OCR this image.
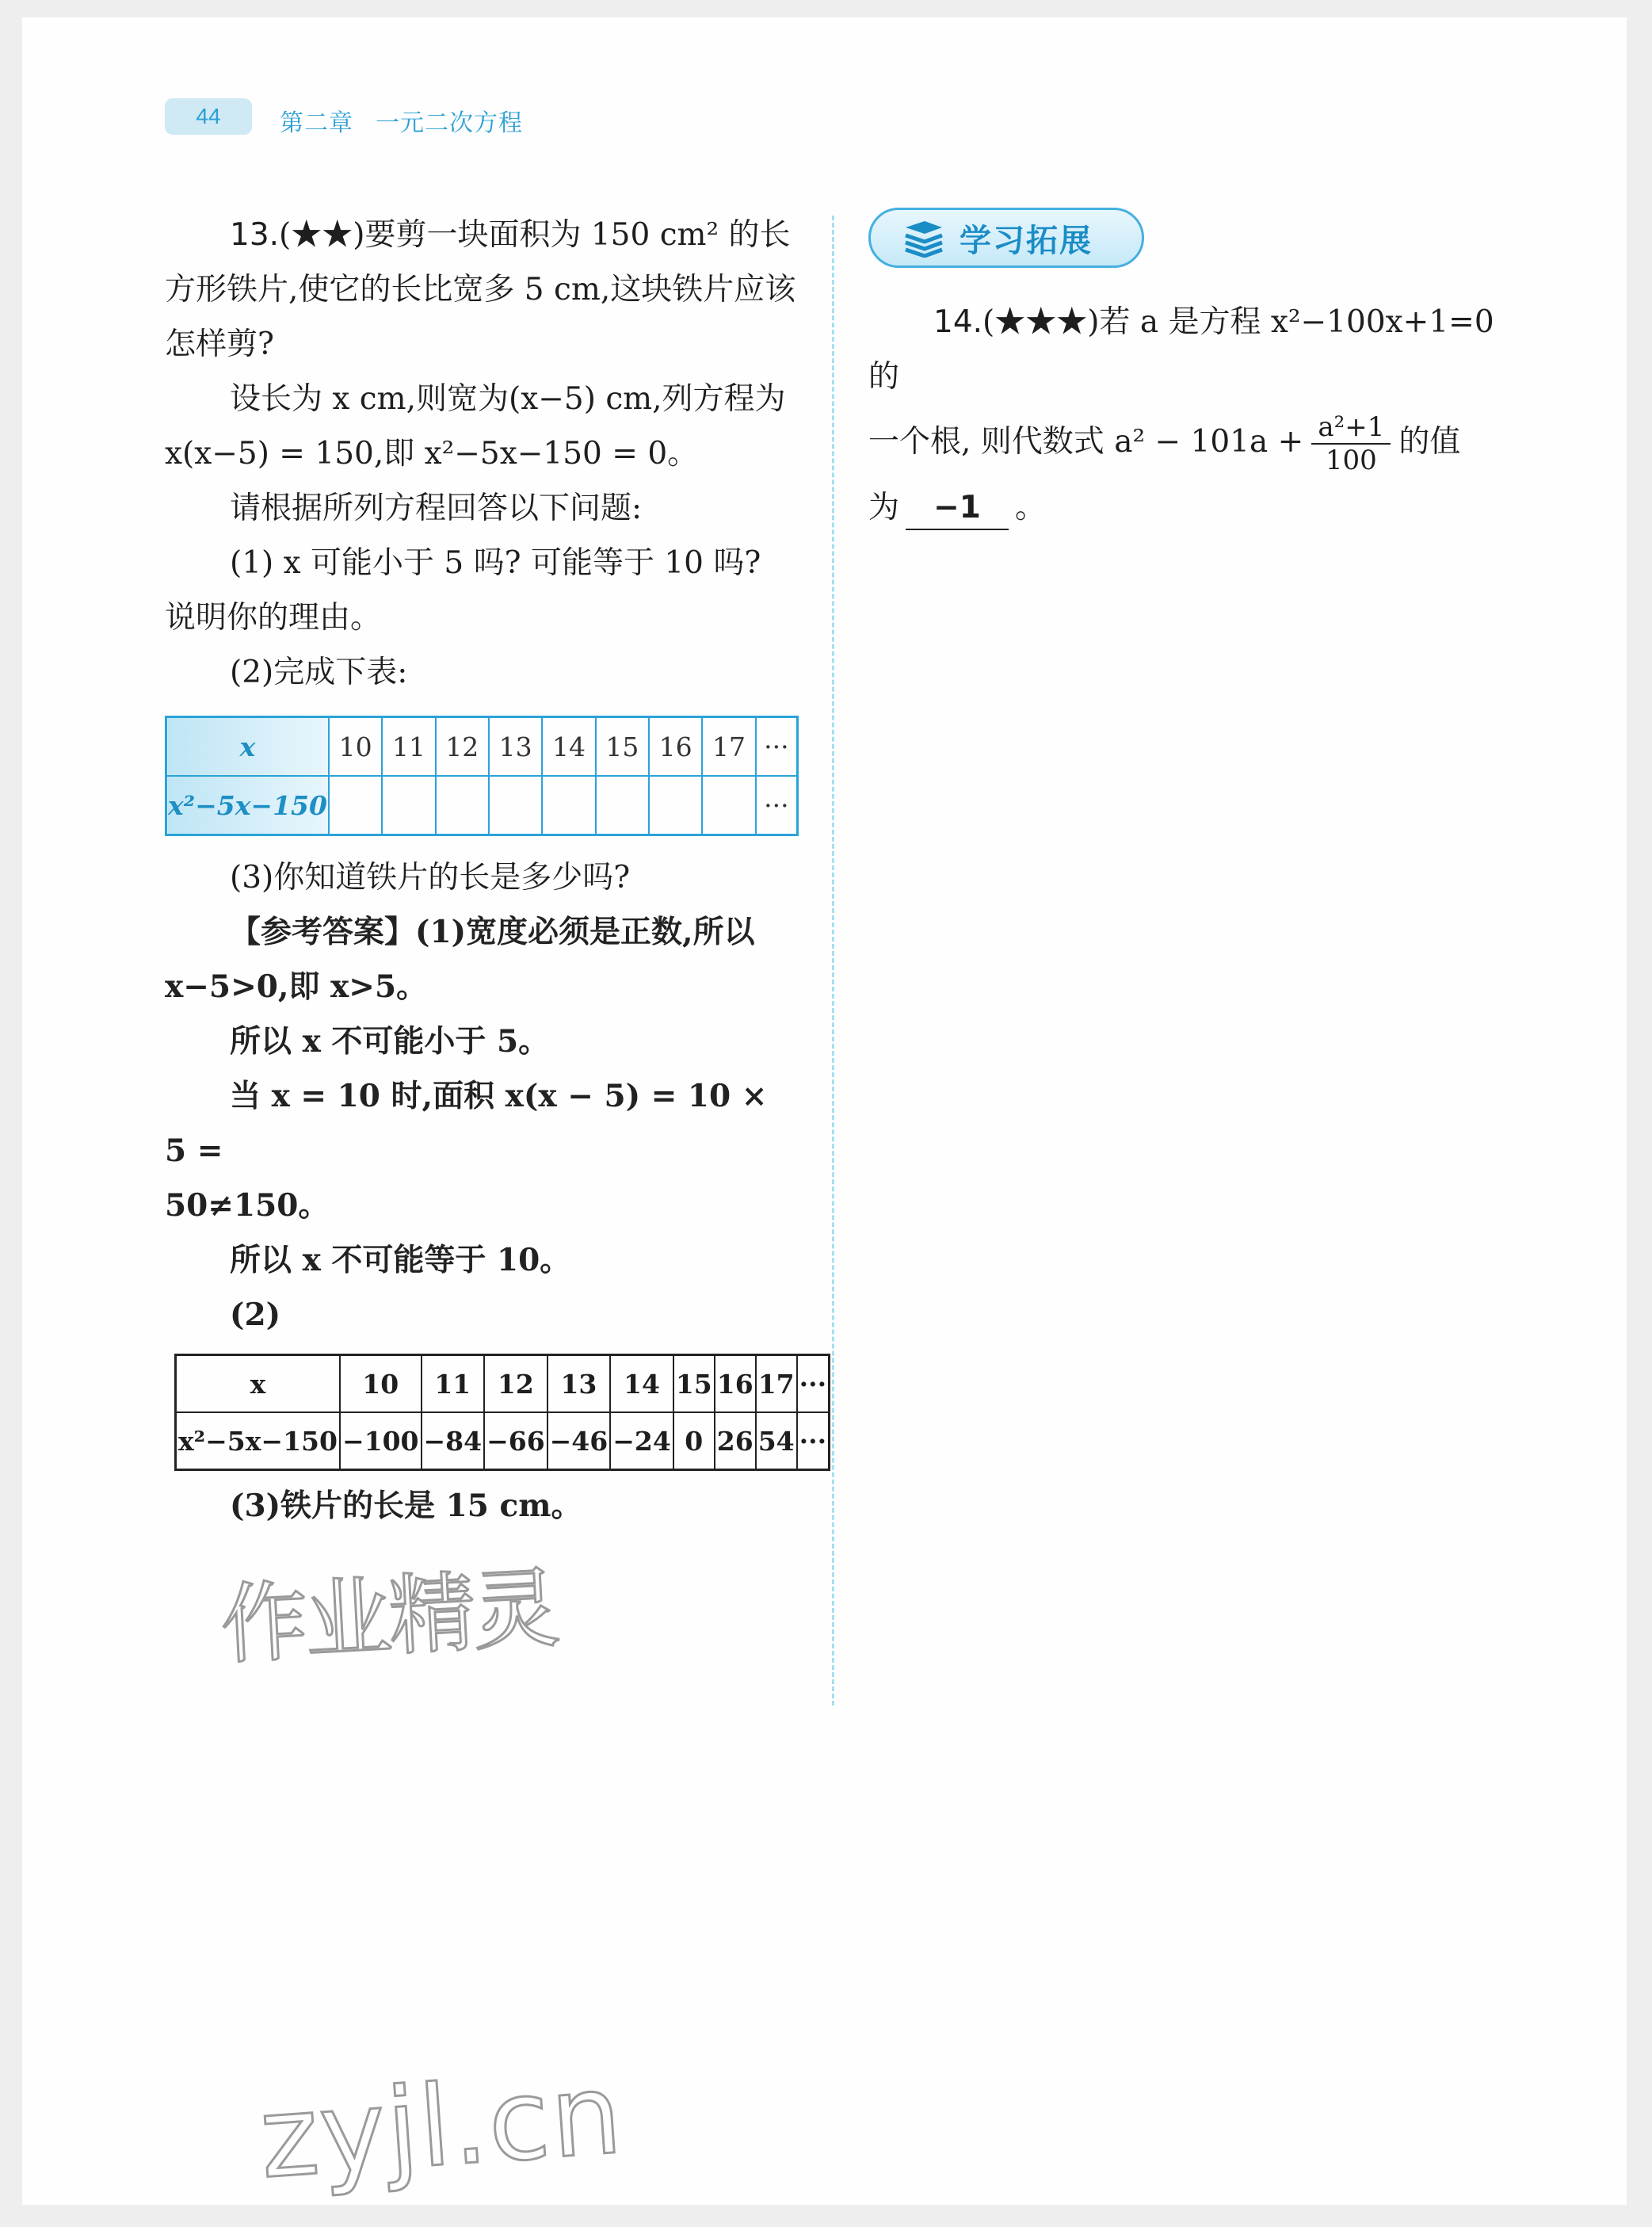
44	第二章 一元二次方程

13.(★★)要剪一块面积为 150 cm² 的长方形铁片,使它的长比宽多 5 cm,这块铁片应该怎样剪?

设长为 x cm,则宽为(x−5) cm,列方程为

x(x−5) = 150,即 x²−5x−150 = 0。

请根据所列方程回答以下问题:

(1) x 可能小于 5 吗? 可能等于 10 吗? 说明你的理由。

(2)完成下表:

x	10	11	12	13	14	15	16	17	···
x²−5x−150									···

(3)你知道铁片的长是多少吗?

【参考答案】(1)宽度必须是正数,所以

x−5>0,即 x>5。

所以 x 不可能小于 5。

当 x = 10 时,面积 x(x − 5) = 10 × 5 =

50≠150。

所以 x 不可能等于 10。

(2)

x	10	11	12	13	14	15	16	17	···
x²−5x−150	−100	−84	−66	−46	−24	0	26	54	···

(3)铁片的长是 15 cm。

学习拓展

14.(★★★)若 a 是方程 x²−100x+1=0 的

一个根, 则代数式 $a^2 - 101a + \frac{\text{a²+1}}{100}$ 的值

为 −1 。

作业精灵
zyjl.cn
